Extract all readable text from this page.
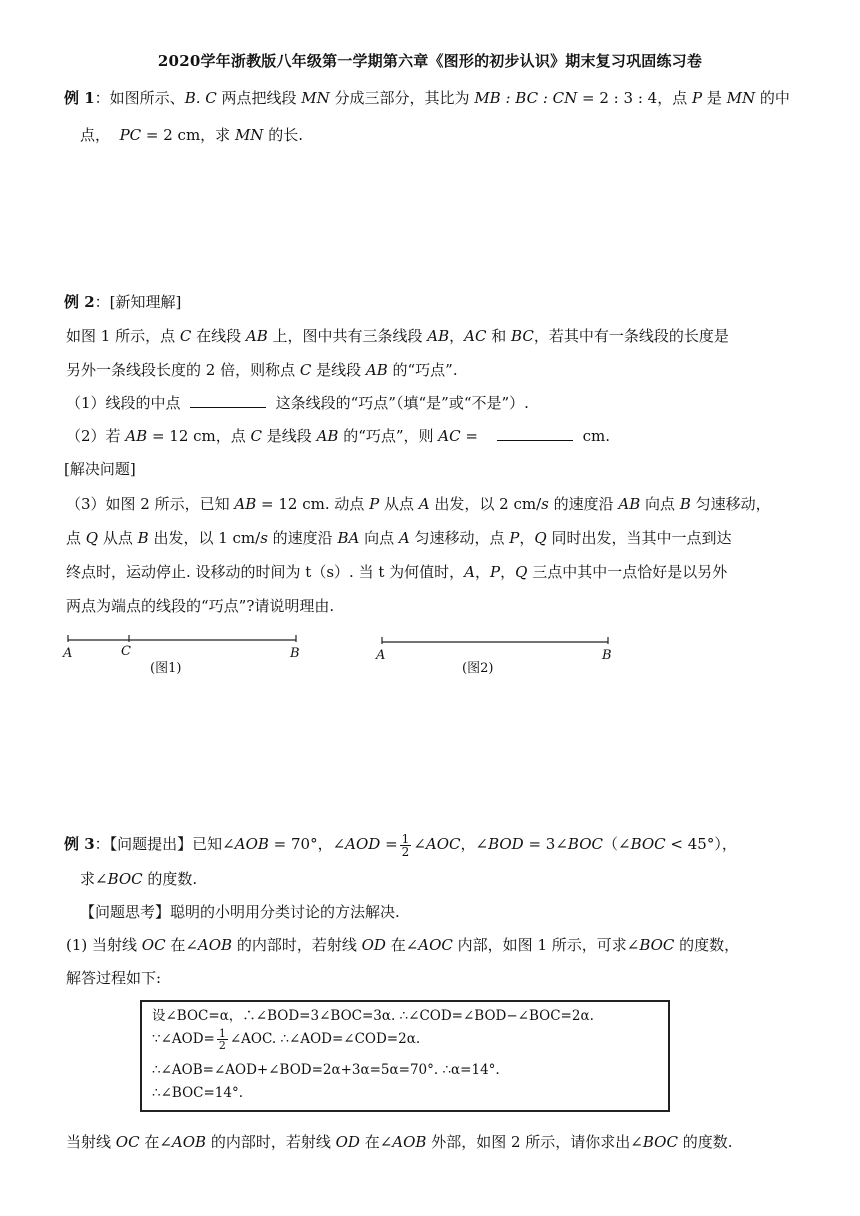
2020学年浙教版八年级第一学期第六章《图形的初步认识》期末复习巩固练习卷
例 1：如图所示、B. C 两点把线段 MN 分成三部分，其比为 MB : BC : CN = 2 : 3 : 4，点 P 是 MN 的中
点， PC = 2 cm，求 MN 的长.
例 2：[新知理解]
如图 1 所示，点 C 在线段 AB 上，图中共有三条线段 AB，AC 和 BC，若其中有一条线段的长度是
另外一条线段长度的 2 倍，则称点 C 是线段 AB 的“巧点”.
（1）线段的中点	这条线段的“巧点”（填“是”或“不是”）.
（2）若 AB = 12 cm，点 C 是线段 AB 的“巧点”，则 AC =	cm.
[解决问题]
（3）如图 2 所示，已知 AB = 12 cm. 动点 P 从点 A 出发，以 2 cm/s 的速度沿 AB 向点 B 匀速移动，
点 Q 从点 B 出发，以 1 cm/s 的速度沿 BA 向点 A 匀速移动，点 P，Q 同时出发，当其中一点到达
终点时，运动停止. 设移动的时间为 t（s）. 当 t 为何值时，A，P，Q 三点中其中一点恰好是以另外
两点为端点的线段的“巧点”?请说明理由.
A	C	B
(图1)
A	B
(图2)
例 3：【问题提出】已知∠AOB = 70°，∠AOD = $\frac{1}{2}$ ∠AOC，∠BOD = 3∠BOC（∠BOC < 45°），
求∠BOC 的度数.
【问题思考】聪明的小明用分类讨论的方法解决.
(1) 当射线 OC 在∠AOB 的内部时，若射线 OD 在∠AOC 内部，如图 1 所示，可求∠BOC 的度数，
解答过程如下:
设∠BOC=α，∴∠BOD=3∠BOC=3α. ∴∠COD=∠BOD−∠BOC=2α.
∵∠AOD= $\frac{1}{2}$ ∠AOC. ∴∠AOD=∠COD=2α.
∴∠AOB=∠AOD+∠BOD=2α+3α=5α=70°. ∴α=14°.
∴∠BOC=14°.
当射线 OC 在∠AOB 的内部时，若射线 OD 在∠AOB 外部，如图 2 所示，请你求出∠BOC 的度数.
